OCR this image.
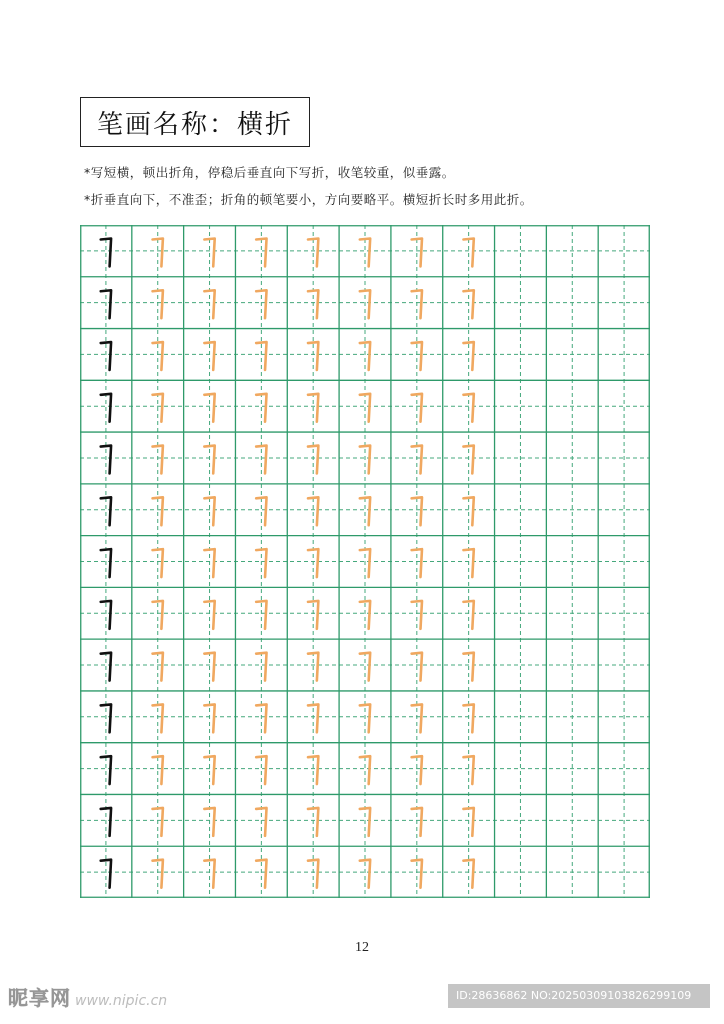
笔画名称：横折
*写短横，顿出折角，停稳后垂直向下写折，收笔较重，似垂露。
*折垂直向下，不准歪；折角的顿笔要小，方向要略平。横短折长时多用此折。
12
昵享网 www.nipic.cn	ID:28636862 NO:20250309103826299109
